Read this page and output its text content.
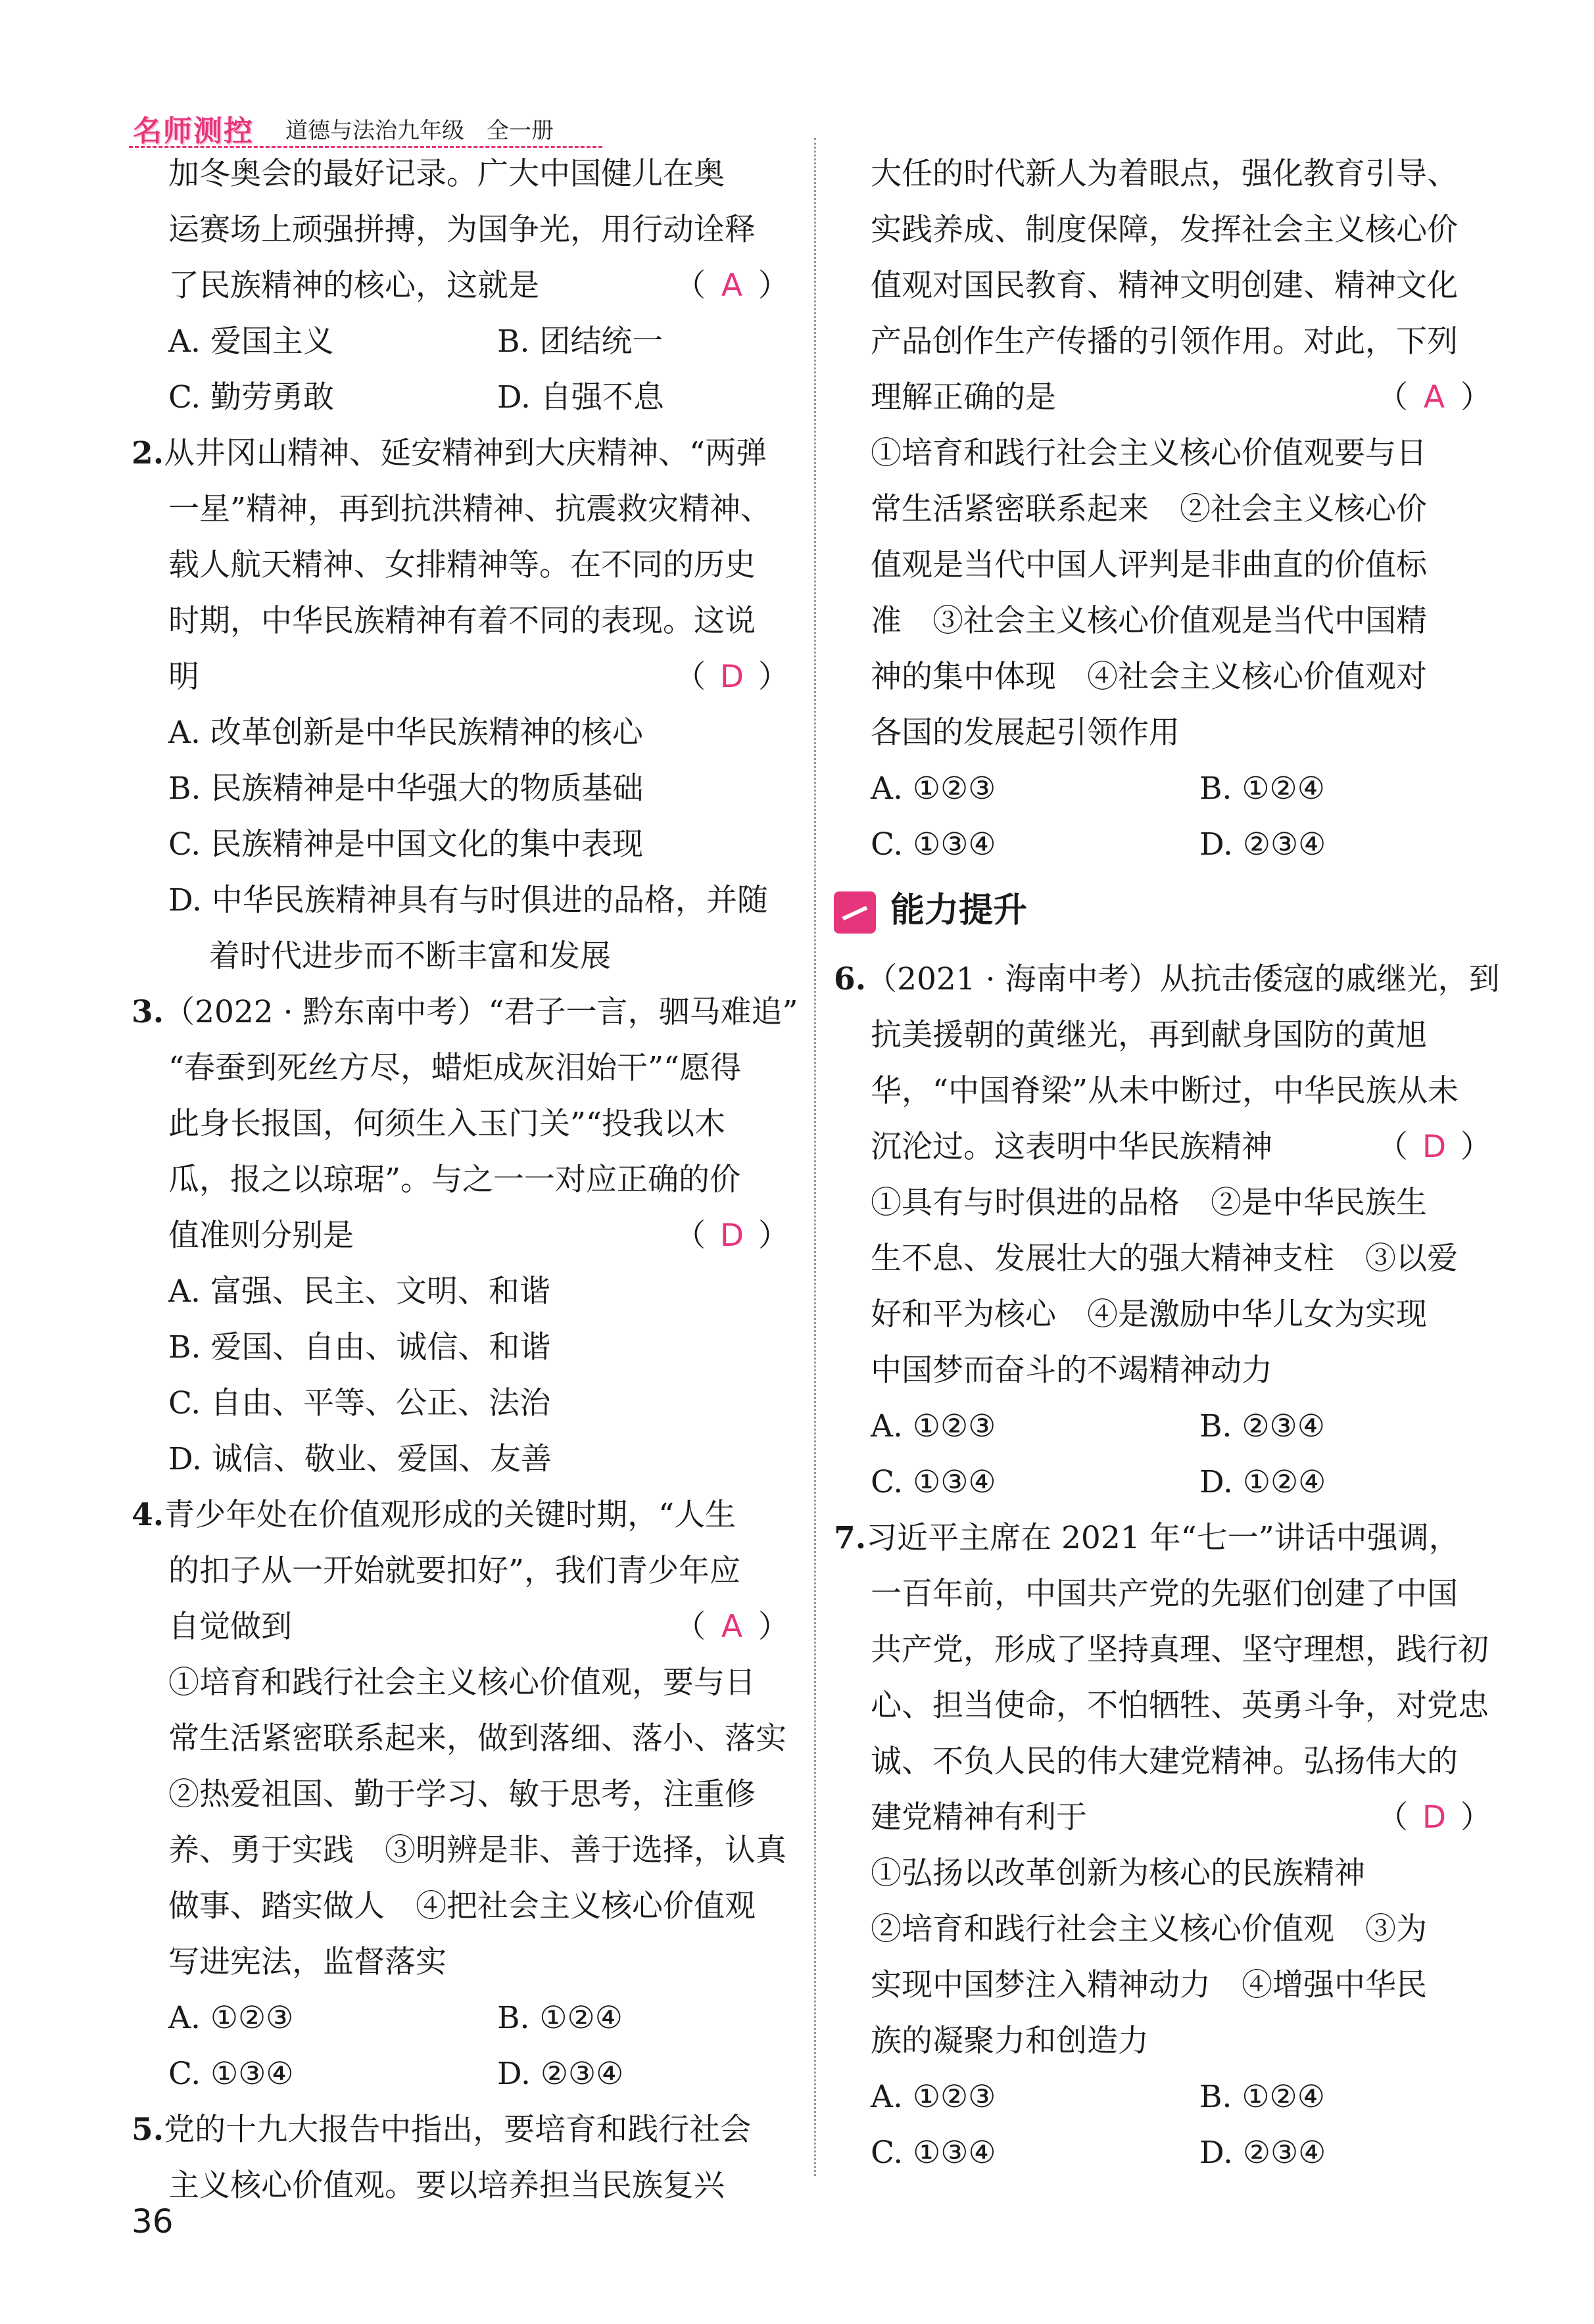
名师测控 道德与法治九年级　全一册
加冬奥会的最好记录。广大中国健儿在奥
运赛场上顽强拼搏，为国争光，用行动诠释
了民族精神的核心，这就是	（ A ）
A. 爱国主义	B. 团结统一
C. 勤劳勇敢	D. 自强不息
2.从井冈山精神、延安精神到大庆精神、“两弹
一星”精神，再到抗洪精神、抗震救灾精神、
载人航天精神、女排精神等。在不同的历史
时期，中华民族精神有着不同的表现。这说
明	（ D ）
A. 改革创新是中华民族精神的核心
B. 民族精神是中华强大的物质基础
C. 民族精神是中国文化的集中表现
D. 中华民族精神具有与时俱进的品格，并随
着时代进步而不断丰富和发展
3.（2022 · 黔东南中考）“君子一言，驷马难追”
“春蚕到死丝方尽，蜡炬成灰泪始干”“愿得
此身长报国，何须生入玉门关”“投我以木
瓜，报之以琼琚”。与之一一对应正确的价
值准则分别是	（ D ）
A. 富强、民主、文明、和谐
B. 爱国、自由、诚信、和谐
C. 自由、平等、公正、法治
D. 诚信、敬业、爱国、友善
4.青少年处在价值观形成的关键时期，“人生
的扣子从一开始就要扣好”，我们青少年应
自觉做到	（ A ）
①培育和践行社会主义核心价值观，要与日
常生活紧密联系起来，做到落细、落小、落实
②热爱祖国、勤于学习、敏于思考，注重修
养、勇于实践　③明辨是非、善于选择，认真
做事、踏实做人　④把社会主义核心价值观
写进宪法，监督落实
A. ①②③	B. ①②④
C. ①③④	D. ②③④
5.党的十九大报告中指出，要培育和践行社会
主义核心价值观。要以培养担当民族复兴
大任的时代新人为着眼点，强化教育引导、
实践养成、制度保障，发挥社会主义核心价
值观对国民教育、精神文明创建、精神文化
产品创作生产传播的引领作用。对此，下列
理解正确的是	（ A ）
①培育和践行社会主义核心价值观要与日
常生活紧密联系起来　②社会主义核心价
值观是当代中国人评判是非曲直的价值标
准　③社会主义核心价值观是当代中国精
神的集中体现　④社会主义核心价值观对
各国的发展起引领作用
A. ①②③	B. ①②④
C. ①③④	D. ②③④
能力提升
6.（2021 · 海南中考）从抗击倭寇的戚继光，到
抗美援朝的黄继光，再到献身国防的黄旭
华，“中国脊梁”从未中断过，中华民族从未
沉沦过。这表明中华民族精神	（ D ）
①具有与时俱进的品格　②是中华民族生
生不息、发展壮大的强大精神支柱　③以爱
好和平为核心　④是激励中华儿女为实现
中国梦而奋斗的不竭精神动力
A. ①②③	B. ②③④
C. ①③④	D. ①②④
7.习近平主席在 2021 年“七一”讲话中强调，
一百年前，中国共产党的先驱们创建了中国
共产党，形成了坚持真理、坚守理想，践行初
心、担当使命，不怕牺牲、英勇斗争，对党忠
诚、不负人民的伟大建党精神。弘扬伟大的
建党精神有利于	（ D ）
①弘扬以改革创新为核心的民族精神
②培育和践行社会主义核心价值观　③为
实现中国梦注入精神动力　④增强中华民
族的凝聚力和创造力
A. ①②③	B. ①②④
C. ①③④	D. ②③④
36
